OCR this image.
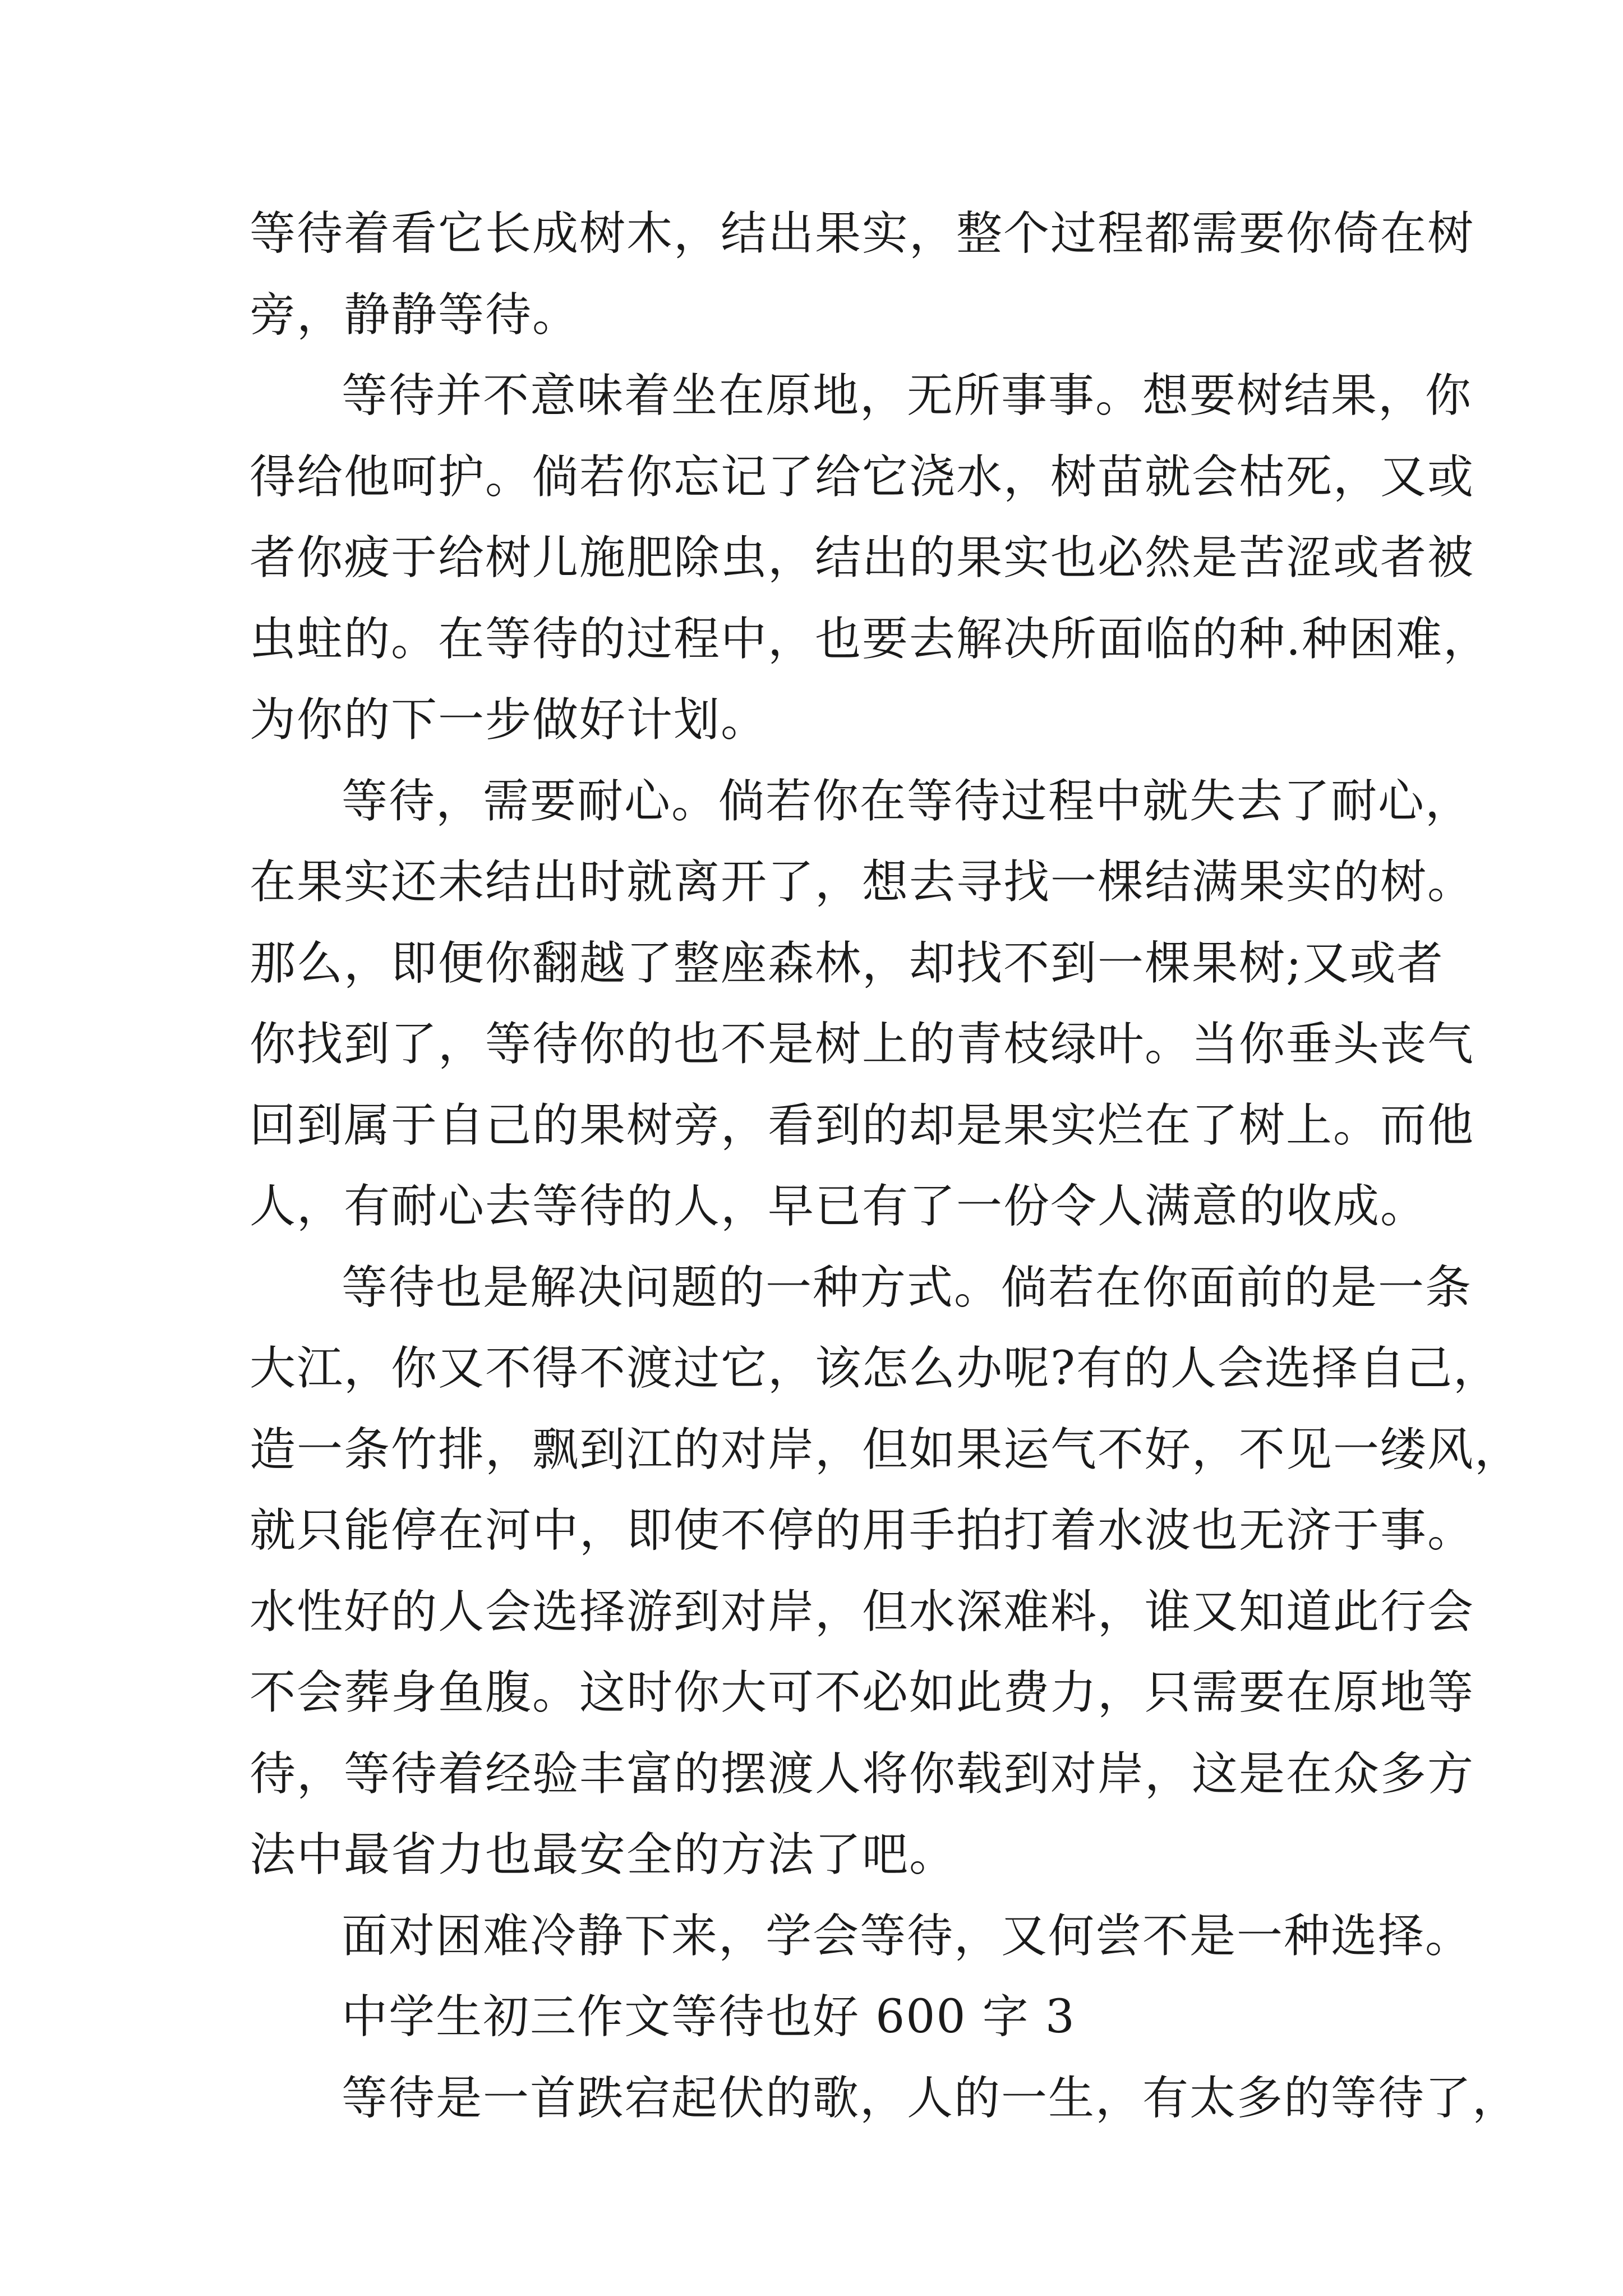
等待着看它长成树木，结出果实，整个过程都需要你倚在树
旁，静静等待。
等待并不意味着坐在原地，无所事事。想要树结果，你
得给他呵护。倘若你忘记了给它浇水，树苗就会枯死，又或
者你疲于给树儿施肥除虫，结出的果实也必然是苦涩或者被
虫蛀的。在等待的过程中，也要去解决所面临的种.种困难，
为你的下一步做好计划。
等待，需要耐心。倘若你在等待过程中就失去了耐心，
在果实还未结出时就离开了，想去寻找一棵结满果实的树。
那么，即便你翻越了整座森林，却找不到一棵果树;又或者
你找到了，等待你的也不是树上的青枝绿叶。当你垂头丧气
回到属于自己的果树旁，看到的却是果实烂在了树上。而他
人，有耐心去等待的人，早已有了一份令人满意的收成。
等待也是解决问题的一种方式。倘若在你面前的是一条
大江，你又不得不渡过它，该怎么办呢?有的人会选择自己，
造一条竹排，飘到江的对岸，但如果运气不好，不见一缕风，
就只能停在河中，即使不停的用手拍打着水波也无济于事。
水性好的人会选择游到对岸，但水深难料，谁又知道此行会
不会葬身鱼腹。这时你大可不必如此费力，只需要在原地等
待，等待着经验丰富的摆渡人将你载到对岸，这是在众多方
法中最省力也最安全的方法了吧。
面对困难冷静下来，学会等待，又何尝不是一种选择。
中学生初三作文等待也好 600 字 3
等待是一首跌宕起伏的歌，人的一生，有太多的等待了，
